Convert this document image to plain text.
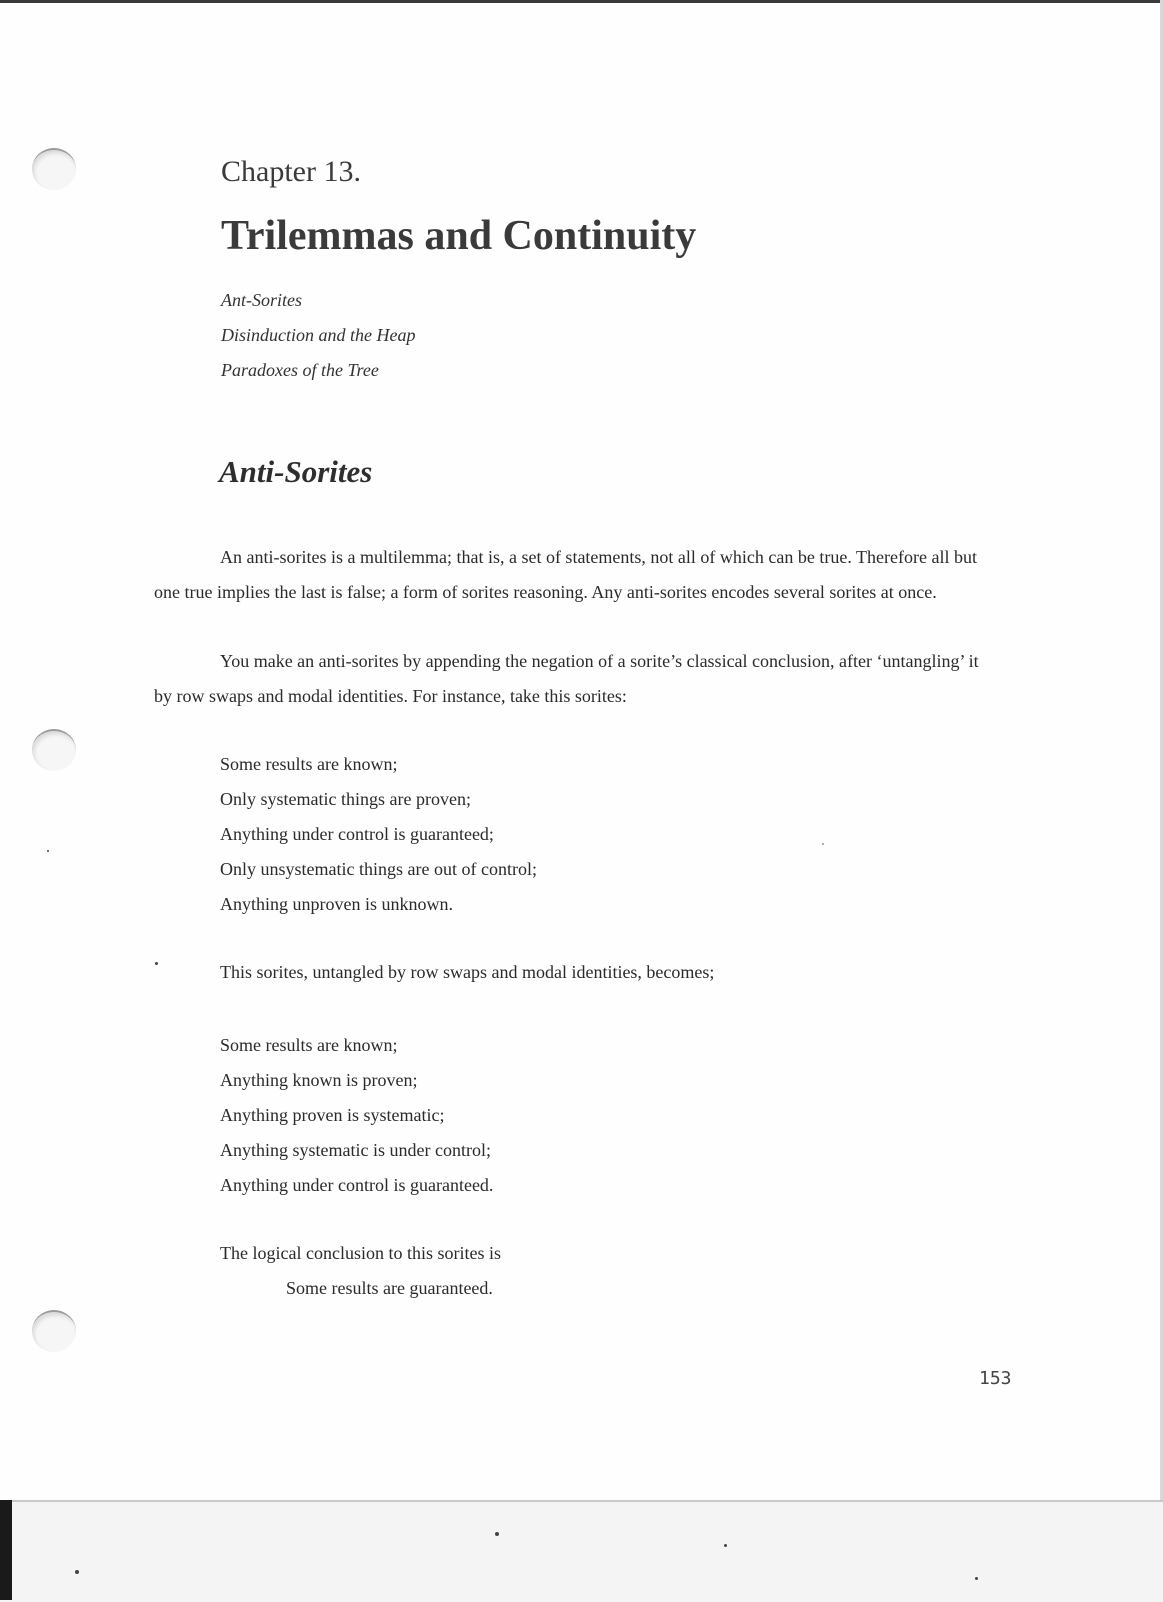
Chapter 13.
Trilemmas and Continuity
Ant-Sorites
Disinduction and the Heap
Paradoxes of the Tree
Anti-Sorites

An anti-sorites is a multilemma; that is, a set of statements, not all of which can be true. Therefore all but one true implies the last is false; a form of sorites reasoning. Any anti-sorites encodes several sorites at once.

You make an anti-sorites by appending the negation of a sorite’s classical conclusion, after ‘untangling’ it by row swaps and modal identities. For instance, take this sorites:

Some results are known;
Only systematic things are proven;
Anything under control is guaranteed;
Only unsystematic things are out of control;
Anything unproven is unknown.

This sorites, untangled by row swaps and modal identities, becomes;

Some results are known;
Anything known is proven;
Anything proven is systematic;
Anything systematic is under control;
Anything under control is guaranteed.

The logical conclusion to this sorites is

Some results are guaranteed.

153
